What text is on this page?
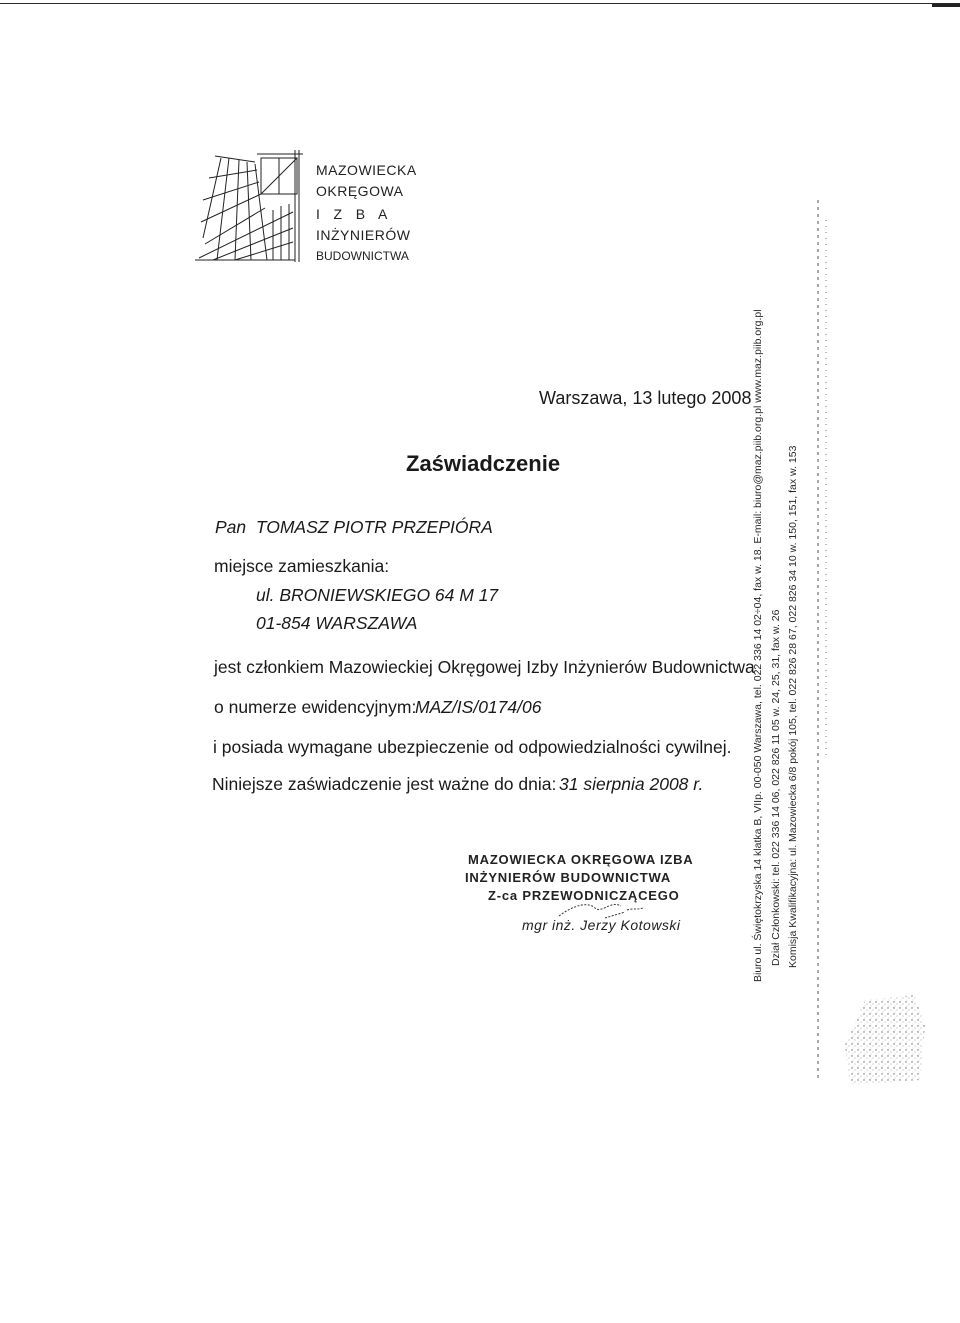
MAZOWIECKA
OKRĘGOWA
I   Z   B   A
INŻYNIERÓW
BUDOWNICTWA
Warszawa, 13 lutego 2008
Zaświadczenie
Pan  TOMASZ PIOTR PRZEPIÓRA
miejsce zamieszkania:
ul. BRONIEWSKIEGO 64 M 17
01-854 WARSZAWA
jest członkiem Mazowieckiej Okręgowej Izby Inżynierów Budownictwa
o numerze ewidencyjnym:
MAZ/IS/0174/06
i posiada wymagane ubezpieczenie od odpowiedzialności cywilnej.
Niniejsze zaświadczenie jest ważne do dnia: 31 sierpnia 2008 r.
MAZOWIECKA OKRĘGOWA IZBA
INŻYNIERÓW BUDOWNICTWA
Z-ca PRZEWODNICZĄCEGO
mgr inż. Jerzy Kotowski	Biuro ul. Świętokrzyska 14 klatka B, VIIp. 00-050 Warszawa, tel. 022 336 14 02÷04, fax w. 18. E-mail: biuro@maz.piib.org.pl www.maz.piib.org.pl Dział Członkowski: tel. 022 336 14 06, 022 826 11 05 w. 24, 25, 31, fax w. 26 Komisja Kwalifikacyjna: ul. Mazowiecka 6/8 pokój 105, tel. 022 826 28 67, 022 826 34 10 w. 150, 151, fax w. 153
